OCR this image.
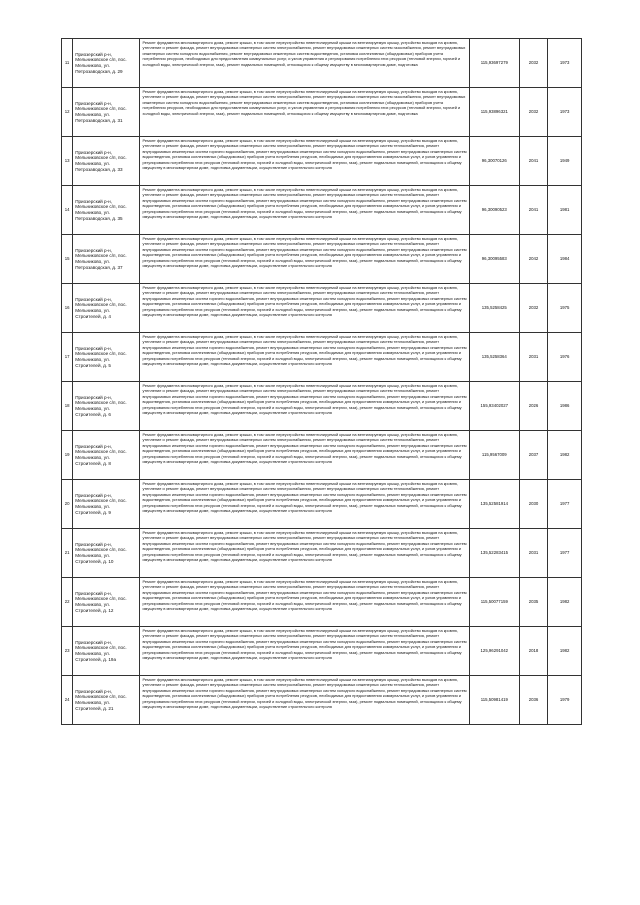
11	Приозерский р-н, Мельниковское с/п, пос. Мельниково, ул. Петрозаводская, д. 29	Ремонт фундамента многоквартирного дома, ремонт крыши, в том числе переустройство невентилируемой крыши на вентилируемую крышу, устройство выходов на кровлю, утепление и ремонт фасада, ремонт внутридомовых инженерных систем электроснабжения, ремонт внутридомовых инженерных систем газоснабжения, ремонт внутридомовых инженерных систем холодного водоснабжения, ремонт внутридомовых инженерных систем водоотведения, установка коллективных (общедомовых) приборов учета потребления ресурсов, необходимых для предоставления коммунальных услуг, и узлов управления и регулирования потребления этих ресурсов (тепловой энергии, горячей и холодной воды, электрической энергии, газа), ремонт подвальных помещений, относящихся к общему имуществу в многоквартирном доме, подготовка	115,93697279	2032	1973
12	Приозерский р-н, Мельниковское с/п, пос. Мельниково, ул. Петрозаводская, д. 31	Ремонт фундамента многоквартирного дома, ремонт крыши, в том числе переустройство невентилируемой крыши на вентилируемую крышу, устройство выходов на кровлю, утепление и ремонт фасада, ремонт внутридомовых инженерных систем электроснабжения, ремонт внутридомовых инженерных систем газоснабжения, ремонт внутридомовых инженерных систем холодного водоснабжения, ремонт внутридомовых инженерных систем водоотведения, установка коллективных (общедомовых) приборов учета потребления ресурсов, необходимых для предоставления коммунальных услуг, и узлов управления и регулирования потребления этих ресурсов (тепловой энергии, горячей и холодной воды, электрической энергии, газа), ремонт подвальных помещений, относящихся к общему имуществу в многоквартирном доме, подготовка	115,93896321	2032	1973
13	Приозерский р-н, Мельниковское с/п, пос. Мельниково, ул. Петрозаводская, д. 33	Ремонт фундамента многоквартирного дома, ремонт крыши, в том числе переустройство невентилируемой крыши на вентилируемую крышу, устройство выходов на кровлю, утепление и ремонт фасада, ремонт внутридомовых инженерных систем электроснабжения, ремонт внутридомовых инженерных систем теплоснабжения, ремонт внутридомовых инженерных систем горячего водоснабжения, ремонт внутридомовых инженерных систем холодного водоснабжения, ремонт внутридомовых инженерных систем водоотведения, установка коллективных (общедомовых) приборов учета потребления ресурсов, необходимых для предоставления коммунальных услуг, и узлов управления и регулирования потребления этих ресурсов (тепловой энергии, горячей и холодной воды, электрической энергии, газа), ремонт подвальных помещений, относящихся к общему имуществу в многоквартирном доме, подготовка документации, осуществление строительного контроля	96,30070126	2041	1949
14	Приозерский р-н, Мельниковское с/п, пос. Мельниково, ул. Петрозаводская, д. 35	Ремонт фундамента многоквартирного дома, ремонт крыши, в том числе переустройство невентилируемой крыши на вентилируемую крышу, устройство выходов на кровлю, утепление и ремонт фасада, ремонт внутридомовых инженерных систем электроснабжения, ремонт внутридомовых инженерных систем теплоснабжения, ремонт внутридомовых инженерных систем горячего водоснабжения, ремонт внутридомовых инженерных систем холодного водоснабжения, ремонт внутридомовых инженерных систем водоотведения, установка коллективных (общедомовых) приборов учета потребления ресурсов, необходимых для предоставления коммунальных услуг, и узлов управления и регулирования потребления этих ресурсов (тепловой энергии, горячей и холодной воды, электрической энергии, газа), ремонт подвальных помещений, относящихся к общему имуществу в многоквартирном доме, подготовка документации, осуществление строительного контроля	96,30090523	2041	1981
15	Приозерский р-н, Мельниковское с/п, пос. Мельниково, ул. Петрозаводская, д. 37	Ремонт фундамента многоквартирного дома, ремонт крыши, в том числе переустройство невентилируемой крыши на вентилируемую крышу, устройство выходов на кровлю, утепление и ремонт фасада, ремонт внутридомовых инженерных систем электроснабжения, ремонт внутридомовых инженерных систем теплоснабжения, ремонт внутридомовых инженерных систем горячего водоснабжения, ремонт внутридомовых инженерных систем холодного водоснабжения, ремонт внутридомовых инженерных систем водоотведения, установка коллективных (общедомовых) приборов учета потребления ресурсов, необходимых для предоставления коммунальных услуг, и узлов управления и регулирования потребления этих ресурсов (тепловой энергии, горячей и холодной воды, электрической энергии, газа), ремонт подвальных помещений, относящихся к общему имуществу в многоквартирном доме, подготовка документации, осуществление строительного контроля	96,30095583	2042	1984
16	Приозерский р-н, Мельниковское с/п, пос. Мельниково, ул. Строителей, д. 4	Ремонт фундамента многоквартирного дома, ремонт крыши, в том числе переустройство невентилируемой крыши на вентилируемую крышу, устройство выходов на кровлю, утепление и ремонт фасада, ремонт внутридомовых инженерных систем электроснабжения, ремонт внутридомовых инженерных систем теплоснабжения, ремонт внутридомовых инженерных систем горячего водоснабжения, ремонт внутридомовых инженерных систем холодного водоснабжения, ремонт внутридомовых инженерных систем водоотведения, установка коллективных (общедомовых) приборов учета потребления ресурсов, необходимых для предоставления коммунальных услуг, и узлов управления и регулирования потребления этих ресурсов (тепловой энергии, горячей и холодной воды, электрической энергии, газа), ремонт подвальных помещений, относящихся к общему имуществу в многоквартирном доме, подготовка документации, осуществление строительного контроля	135,5258425	2032	1975
17	Приозерский р-н, Мельниковское с/п, пос. Мельниково, ул. Строителей, д. 5	Ремонт фундамента многоквартирного дома, ремонт крыши, в том числе переустройство невентилируемой крыши на вентилируемую крышу, устройство выходов на кровлю, утепление и ремонт фасада, ремонт внутридомовых инженерных систем электроснабжения, ремонт внутридомовых инженерных систем теплоснабжения, ремонт внутридомовых инженерных систем горячего водоснабжения, ремонт внутридомовых инженерных систем холодного водоснабжения, ремонт внутридомовых инженерных систем водоотведения, установка коллективных (общедомовых) приборов учета потребления ресурсов, необходимых для предоставления коммунальных услуг, и узлов управления и регулирования потребления этих ресурсов (тепловой энергии, горячей и холодной воды, электрической энергии, газа), ремонт подвальных помещений, относящихся к общему имуществу в многоквартирном доме, подготовка документации, осуществление строительного контроля	135,5258364	2031	1976
18	Приозерский р-н, Мельниковское с/п, пос. Мельниково, ул. Строителей, д. 6	Ремонт фундамента многоквартирного дома, ремонт крыши, в том числе переустройство невентилируемой крыши на вентилируемую крышу, устройство выходов на кровлю, утепление и ремонт фасада, ремонт внутридомовых инженерных систем электроснабжения, ремонт внутридомовых инженерных систем теплоснабжения, ремонт внутридомовых инженерных систем горячего водоснабжения, ремонт внутридомовых инженерных систем холодного водоснабжения, ремонт внутридомовых инженерных систем водоотведения, установка коллективных (общедомовых) приборов учета потребления ресурсов, необходимых для предоставления коммунальных услуг, и узлов управления и регулирования потребления этих ресурсов (тепловой энергии, горячей и холодной воды, электрической энергии, газа), ремонт подвальных помещений, относящихся к общему имуществу в многоквартирном доме, подготовка документации, осуществление строительного контроля	155,93402027	2026	1986
19	Приозерский р-н, Мельниковское с/п, пос. Мельниково, ул. Строителей, д. 8	Ремонт фундамента многоквартирного дома, ремонт крыши, в том числе переустройство невентилируемой крыши на вентилируемую крышу, устройство выходов на кровлю, утепление и ремонт фасада, ремонт внутридомовых инженерных систем электроснабжения, ремонт внутридомовых инженерных систем теплоснабжения, ремонт внутридомовых инженерных систем горячего водоснабжения, ремонт внутридомовых инженерных систем холодного водоснабжения, ремонт внутридомовых инженерных систем водоотведения, установка коллективных (общедомовых) приборов учета потребления ресурсов, необходимых для предоставления коммунальных услуг, и узлов управления и регулирования потребления этих ресурсов (тепловой энергии, горячей и холодной воды, электрической энергии, газа), ремонт подвальных помещений, относящихся к общему имуществу в многоквартирном доме, подготовка документации, осуществление строительного контроля	115,9567009	2037	1982
20	Приозерский р-н, Мельниковское с/п, пос. Мельниково, ул. Строителей, д. 9	Ремонт фундамента многоквартирного дома, ремонт крыши, в том числе переустройство невентилируемой крыши на вентилируемую крышу, устройство выходов на кровлю, утепление и ремонт фасада, ремонт внутридомовых инженерных систем электроснабжения, ремонт внутридомовых инженерных систем теплоснабжения, ремонт внутридомовых инженерных систем горячего водоснабжения, ремонт внутридомовых инженерных систем холодного водоснабжения, ремонт внутридомовых инженерных систем водоотведения, установка коллективных (общедомовых) приборов учета потребления ресурсов, необходимых для предоставления коммунальных услуг, и узлов управления и регулирования потребления этих ресурсов (тепловой энергии, горячей и холодной воды, электрической энергии, газа), ремонт подвальных помещений, относящихся к общему имуществу в многоквартирном доме, подготовка документации, осуществление строительного контроля	135,52581914	2030	1977
21	Приозерский р-н, Мельниковское с/п, пос. Мельниково, ул. Строителей, д. 10	Ремонт фундамента многоквартирного дома, ремонт крыши, в том числе переустройство невентилируемой крыши на вентилируемую крышу, устройство выходов на кровлю, утепление и ремонт фасада, ремонт внутридомовых инженерных систем электроснабжения, ремонт внутридомовых инженерных систем теплоснабжения, ремонт внутридомовых инженерных систем горячего водоснабжения, ремонт внутридомовых инженерных систем холодного водоснабжения, ремонт внутридомовых инженерных систем водоотведения, установка коллективных (общедомовых) приборов учета потребления ресурсов, необходимых для предоставления коммунальных услуг, и узлов управления и регулирования потребления этих ресурсов (тепловой энергии, горячей и холодной воды, электрической энергии, газа), ремонт подвальных помещений, относящихся к общему имуществу в многоквартирном доме, подготовка документации, осуществление строительного контроля	135,52283415	2031	1977
22	Приозерский р-н, Мельниковское с/п, пос. Мельниково, ул. Строителей, д. 12	Ремонт фундамента многоквартирного дома, ремонт крыши, в том числе переустройство невентилируемой крыши на вентилируемую крышу, устройство выходов на кровлю, утепление и ремонт фасада, ремонт внутридомовых инженерных систем электроснабжения, ремонт внутридомовых инженерных систем теплоснабжения, ремонт внутридомовых инженерных систем горячего водоснабжения, ремонт внутридомовых инженерных систем холодного водоснабжения, ремонт внутридомовых инженерных систем водоотведения, установка коллективных (общедомовых) приборов учета потребления ресурсов, необходимых для предоставления коммунальных услуг, и узлов управления и регулирования потребления этих ресурсов (тепловой энергии, горячей и холодной воды, электрической энергии, газа), ремонт подвальных помещений, относящихся к общему имуществу в многоквартирном доме, подготовка документации, осуществление строительного контроля	115,50077159	2035	1982
23	Приозерский р-н, Мельниковское с/п, пос. Мельниково, ул. Строителей, д. 19а	Ремонт фундамента многоквартирного дома, ремонт крыши, в том числе переустройство невентилируемой крыши на вентилируемую крышу, устройство выходов на кровлю, утепление и ремонт фасада, ремонт внутридомовых инженерных систем электроснабжения, ремонт внутридомовых инженерных систем теплоснабжения, ремонт внутридомовых инженерных систем горячего водоснабжения, ремонт внутридомовых инженерных систем холодного водоснабжения, ремонт внутридомовых инженерных систем водоотведения, установка коллективных (общедомовых) приборов учета потребления ресурсов, необходимых для предоставления коммунальных услуг, и узлов управления и регулирования потребления этих ресурсов (тепловой энергии, горячей и холодной воды, электрической энергии, газа), ремонт подвальных помещений, относящихся к общему имуществу в многоквартирном доме, подготовка документации, осуществление строительного контроля	125,96291042	2018	1982
24	Приозерский р-н, Мельниковское с/п, пос. Мельниково, ул. Строителей, д. 21	Ремонт фундамента многоквартирного дома, ремонт крыши, в том числе переустройство невентилируемой крыши на вентилируемую крышу, устройство выходов на кровлю, утепление и ремонт фасада, ремонт внутридомовых инженерных систем электроснабжения, ремонт внутридомовых инженерных систем теплоснабжения, ремонт внутридомовых инженерных систем горячего водоснабжения, ремонт внутридомовых инженерных систем холодного водоснабжения, ремонт внутридомовых инженерных систем водоотведения, установка коллективных (общедомовых) приборов учета потребления ресурсов, необходимых для предоставления коммунальных услуг, и узлов управления и регулирования потребления этих ресурсов (тепловой энергии, горячей и холодной воды, электрической энергии, газа), ремонт подвальных помещений, относящихся к общему имуществу в многоквартирном доме, подготовка документации, осуществление строительного контроля	115,50981419	2036	1979
